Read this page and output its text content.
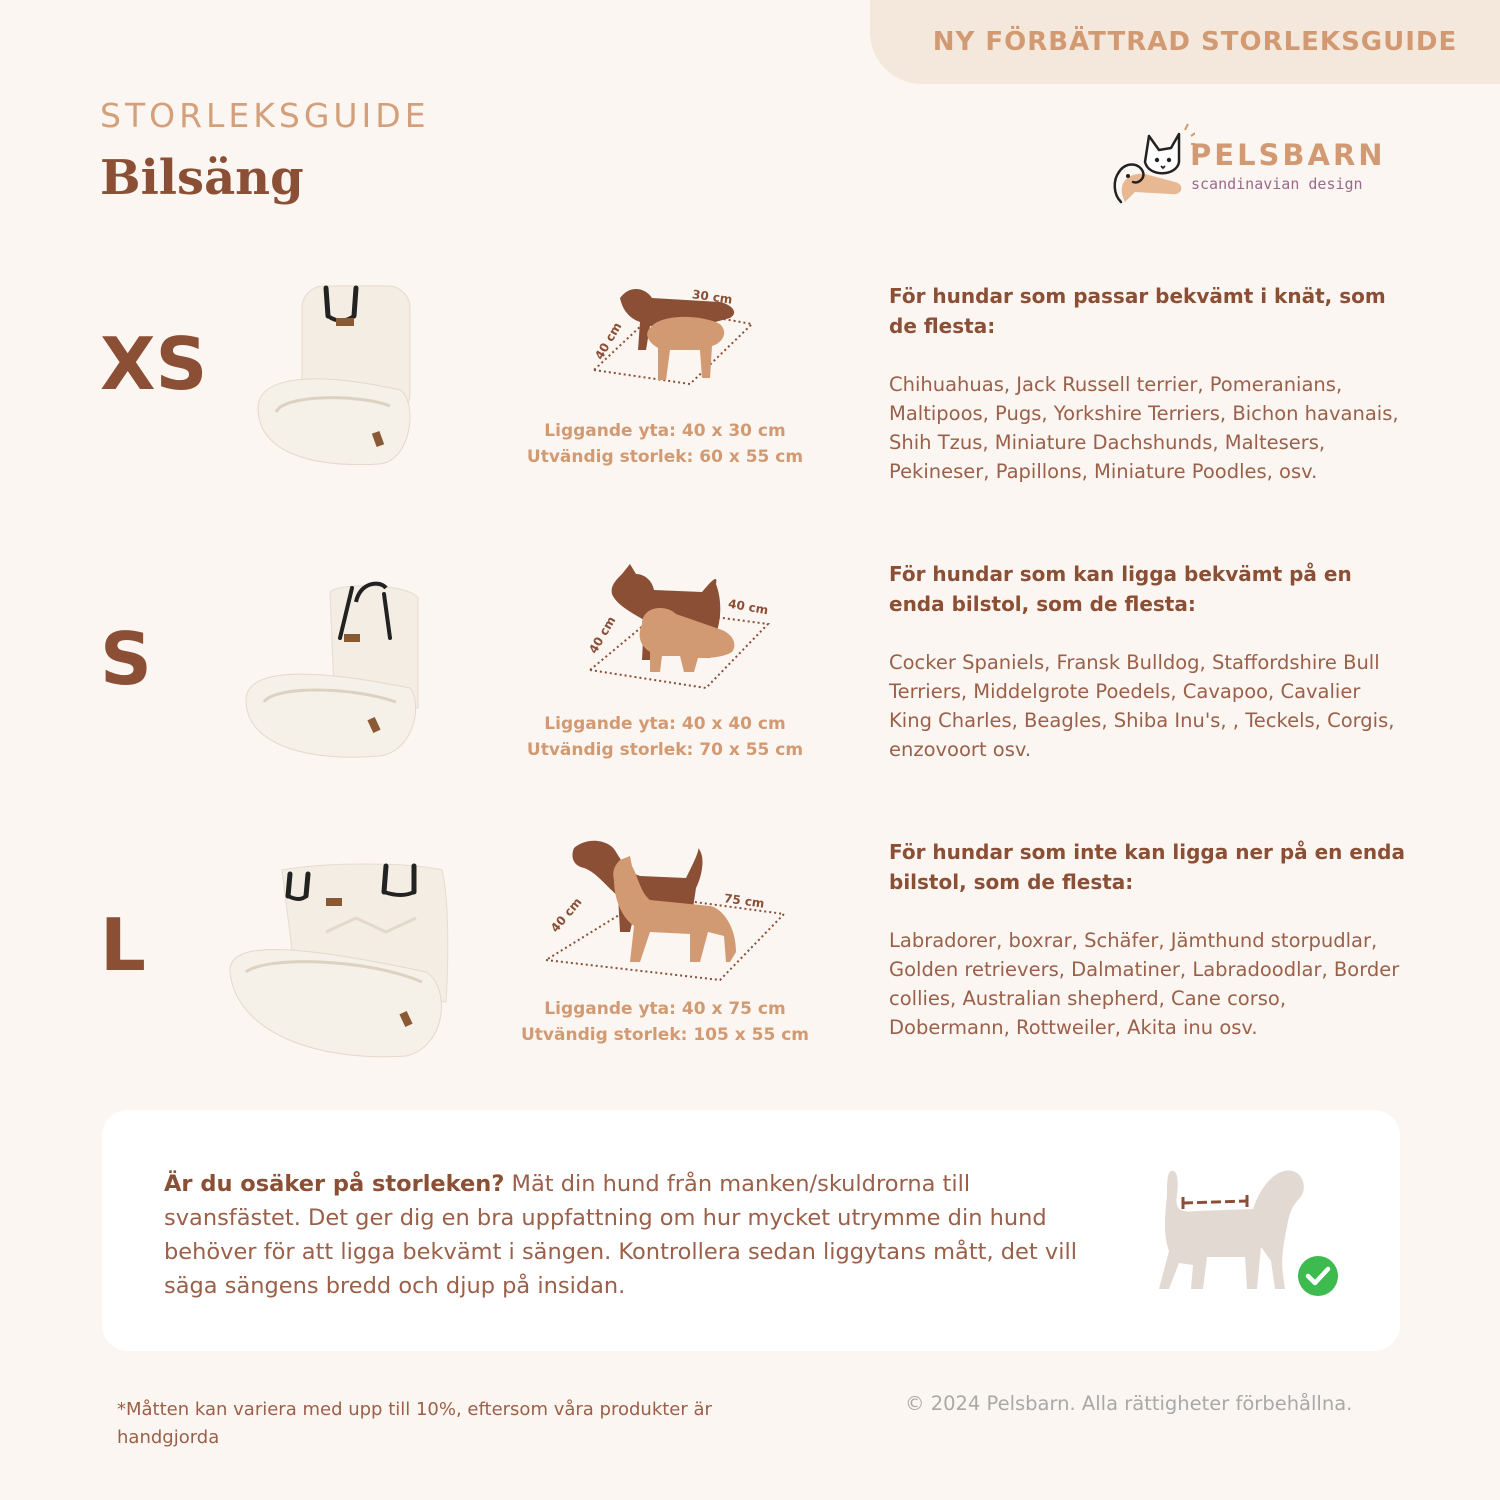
NY FÖRBÄTTRAD STORLEKSGUIDE
STORLEKSGUIDE
Bilsäng	PELSBARN
scandinavian design
XS
30 cm
40 cm
Liggande yta: 40 x 30 cm
Utvändig storlek: 60 x 55 cm
För hundar som passar bekvämt i knät, som de flesta:

Chihuahuas, Jack Russell terrier, Pomeranians, Maltipoos, Pugs, Yorkshire Terriers, Bichon havanais, Shih Tzus, Miniature Dachshunds, Maltesers, Pekineser, Papillons, Miniature Poodles, osv.

S
40 cm
40 cm
Liggande yta: 40 x 40 cm
Utvändig storlek: 70 x 55 cm
För hundar som kan ligga bekvämt på en enda bilstol, som de flesta:

Cocker Spaniels, Fransk Bulldog, Staffordshire Bull Terriers, Middelgrote Poedels, Cavapoo, Cavalier King Charles, Beagles, Shiba Inu's, , Teckels, Corgis, enzovoort osv.

L
75 cm
40 cm
Liggande yta: 40 x 75 cm
Utvändig storlek: 105 x 55 cm
För hundar som inte kan ligga ner på en enda bilstol, som de flesta:

Labradorer, boxrar, Schäfer, Jämthund storpudlar, Golden retrievers, Dalmatiner, Labradoodlar, Border collies, Australian shepherd, Cane corso, Dobermann, Rottweiler, Akita inu osv.

Är du osäker på storleken? Mät din hund från manken/skuldrorna till svansfästet. Det ger dig en bra uppfattning om hur mycket utrymme din hund behöver för att ligga bekvämt i sängen. Kontrollera sedan liggytans mått, det vill säga sängens bredd och djup på insidan.

*Måtten kan variera med upp till 10%, eftersom våra produkter är handgjorda
© 2024 Pelsbarn. Alla rättigheter förbehållna.
